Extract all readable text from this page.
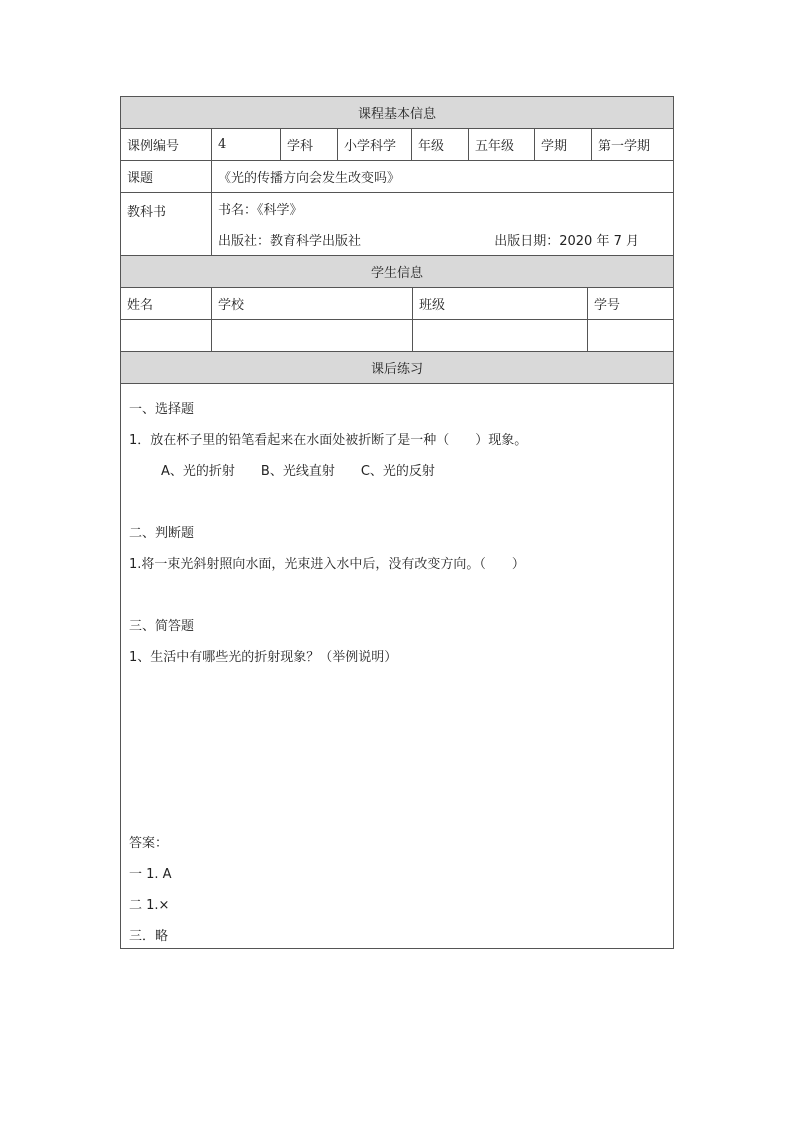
课程基本信息
课例编号	4	学科	小学科学	年级	五年级	学期	第一学期
课题	《光的传播方向会发生改变吗》
教科书	书名：《科学》
出版社：教育科学出版社	出版日期：2020 年 7 月
学生信息
姓名	学校	班级	学号
课后练习
一、选择题
1．放在杯子里的铅笔看起来在水面处被折断了是一种（　　）现象。
A、光的折射 B、光线直射 C、光的反射
二、判断题
1.将一束光斜射照向水面，光束进入水中后，没有改变方向。（　　）
三、简答题
1、生活中有哪些光的折射现象？（举例说明）
答案：
一 1. A
二 1.×
三．略
